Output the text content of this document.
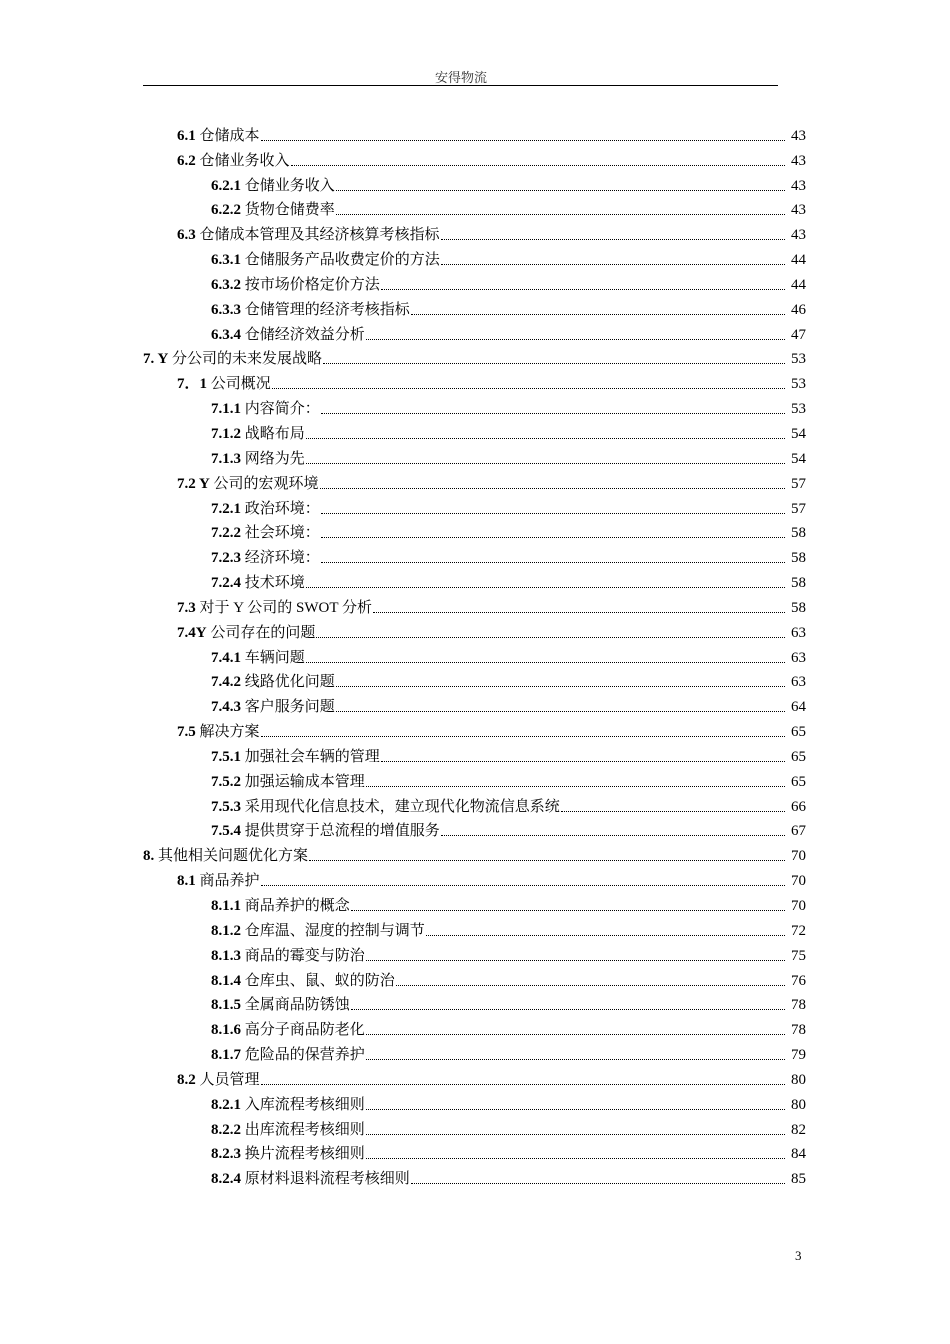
安得物流
6.1 仓储成本	43
6.2 仓储业务收入	43
6.2.1 仓储业务收入	43
6.2.2 货物仓储费率	43
6.3 仓储成本管理及其经济核算考核指标	43
6.3.1 仓储服务产品收费定价的方法	44
6.3.2 按市场价格定价方法	44
6.3.3 仓储管理的经济考核指标	46
6.3.4 仓储经济效益分析	47
7. Y 分公司的未来发展战略	53
7．1 公司概况	53
7.1.1 内容简介：	53
7.1.2 战略布局	54
7.1.3 网络为先	54
7.2 Y 公司的宏观环境	57
7.2.1 政治环境：	57
7.2.2 社会环境：	58
7.2.3 经济环境：	58
7.2.4 技术环境	58
7.3 对于 Y 公司的 SWOT 分析	58
7.4Y 公司存在的问题	63
7.4.1 车辆问题	63
7.4.2 线路优化问题	63
7.4.3 客户服务问题	64
7.5 解决方案	65
7.5.1 加强社会车辆的管理	65
7.5.2 加强运输成本管理	65
7.5.3 采用现代化信息技术，建立现代化物流信息系统	66
7.5.4 提供贯穿于总流程的增值服务	67
8. 其他相关问题优化方案	70
8.1 商品养护	70
8.1.1 商品养护的概念	70
8.1.2 仓库温、湿度的控制与调节	72
8.1.3 商品的霉变与防治	75
8.1.4 仓库虫、鼠、蚁的防治	76
8.1.5 全属商品防锈蚀	78
8.1.6 高分子商品防老化	78
8.1.7 危险品的保营养护	79
8.2 人员管理	80
8.2.1 入库流程考核细则	80
8.2.2 出库流程考核细则	82
8.2.3 换片流程考核细则	84
8.2.4 原材料退料流程考核细则	85
3
